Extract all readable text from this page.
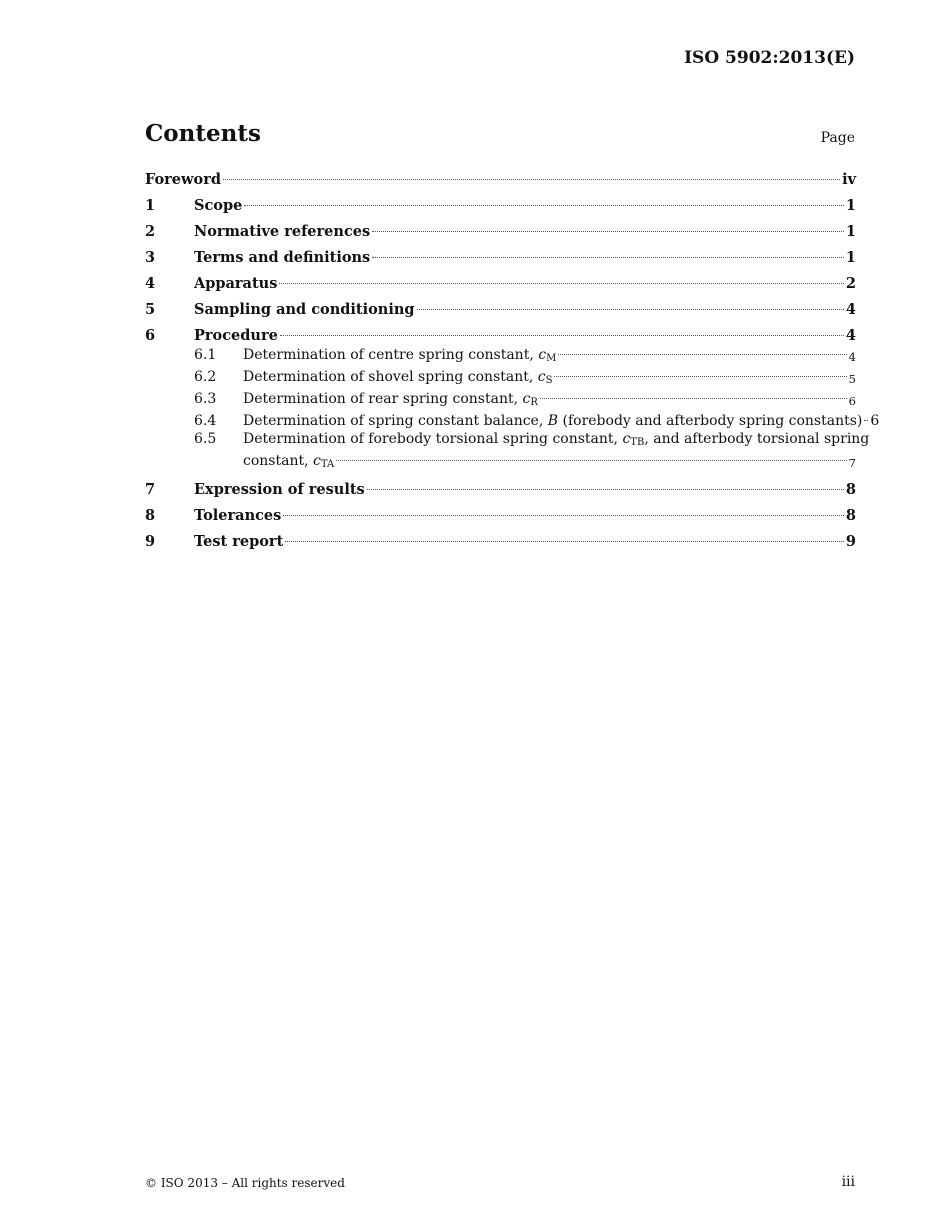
ISO 5902:2013(E)
Contents	Page
Foreword	iv
1	Scope	1
2	Normative references	1
3	Terms and definitions	1
4	Apparatus	2
5	Sampling and conditioning	4
6	Procedure	4
6.1	Determination of centre spring constant, cM	4
6.2	Determination of shovel spring constant, cS	5
6.3	Determination of rear spring constant, cR	6
6.4	Determination of spring constant balance, B (forebody and afterbody spring constants) 6
6.5	Determination of forebody torsional spring constant, cTB, and afterbody torsional spring
constant, cTA	7
7	Expression of results	8
8	Tolerances	8
9	Test report	9
© ISO 2013 – All rights reserved	iii
